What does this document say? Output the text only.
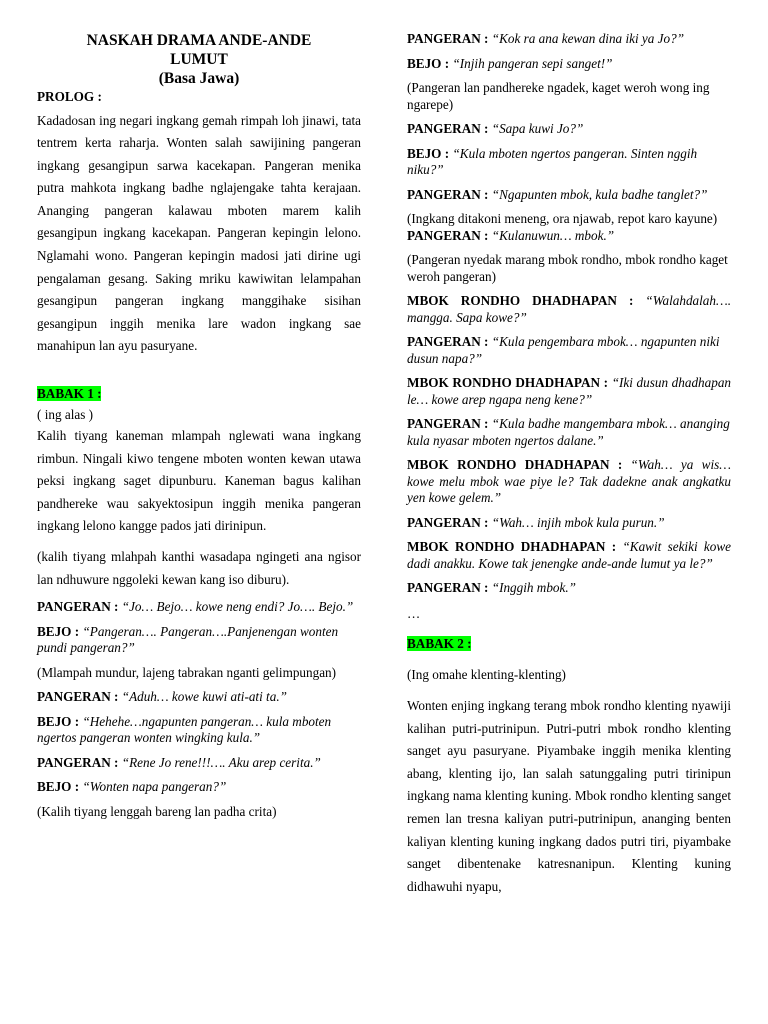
NASKAH DRAMA ANDE-ANDE

LUMUT

(Basa Jawa)

PROLOG :

Kadadosan ing negari ingkang gemah rimpah loh jinawi, tata tentrem kerta raharja. Wonten salah sawijining pangeran ingkang gesangipun sarwa kacekapan. Pangeran menika putra mahkota ingkang badhe nglajengake tahta kerajaan. Ananging pangeran kalawau mboten marem kalih gesangipun ingkang kacekapan. Pangeran kepingin lelono. Nglamahi wono. Pangeran kepingin madosi jati dirine ugi pengalaman gesang. Saking mriku kawiwitan lelampahan gesangipun pangeran ingkang manggihake sisihan gesangipun inggih menika lare wadon ingkang sae manahipun lan ayu pasuryane.

BABAK 1 :

( ing alas )

Kalih tiyang kaneman mlampah nglewati wana ingkang rimbun. Ningali kiwo tengene mboten wonten kewan utawa peksi ingkang saget dipunburu. Kaneman bagus kalihan pandhereke wau sakyektosipun inggih menika pangeran ingkang lelono kangge pados jati dirinipun.

(kalih tiyang mlahpah kanthi wasadapa ngingeti ana ngisor lan ndhuwure nggoleki kewan kang iso diburu).

PANGERAN : “Jo… Bejo… kowe neng endi? Jo…. Bejo.”

BEJO : “Pangeran…. Pangeran….Panjenengan wonten pundi pangeran?”

(Mlampah mundur, lajeng tabrakan nganti gelimpungan)

PANGERAN : “Aduh… kowe kuwi ati-ati ta.”

BEJO : “Hehehe…ngapunten pangeran… kula mboten ngertos pangeran wonten wingking kula.”

PANGERAN : “Rene Jo rene!!!…. Aku arep cerita.”

BEJO : “Wonten napa pangeran?”

(Kalih tiyang lenggah bareng lan padha crita)

PANGERAN : “Kok ra ana kewan dina iki ya Jo?”

BEJO : “Injih pangeran sepi sanget!”

(Pangeran lan pandhereke ngadek, kaget weroh wong ing ngarepe)

PANGERAN : “Sapa kuwi Jo?”

BEJO : “Kula mboten ngertos pangeran. Sinten nggih niku?”

PANGERAN : “Ngapunten mbok, kula badhe tanglet?”

(Ingkang ditakoni meneng, ora njawab, repot karo kayune)

PANGERAN : “Kulanuwun… mbok.”

(Pangeran nyedak marang mbok rondho, mbok rondho kaget weroh pangeran)

MBOK RONDHO DHADHAPAN : “Walahdalah…. mangga. Sapa kowe?”

PANGERAN : “Kula pengembara mbok… ngapunten niki dusun napa?”

MBOK RONDHO DHADHAPAN : “Iki dusun dhadhapan le… kowe arep ngapa neng kene?”

PANGERAN : “Kula badhe mangembara mbok… ananging kula nyasar mboten ngertos dalane.”

MBOK RONDHO DHADHAPAN : “Wah… ya wis… kowe melu mbok wae piye le? Tak dadekne anak angkatku yen kowe gelem.”

PANGERAN : “Wah… injih mbok kula purun.”

MBOK RONDHO DHADHAPAN : “Kawit sekiki kowe dadi anakku. Kowe tak jenengke ande-ande lumut ya le?”

PANGERAN : “Inggih mbok.”

…

BABAK 2 :

(Ing omahe klenting-klenting)

Wonten enjing ingkang terang mbok rondho klenting nyawiji kalihan putri-putrinipun. Putri-putri mbok rondho klenting sanget ayu pasuryane. Piyambake inggih menika klenting abang, klenting ijo, lan salah satunggaling putri tirinipun ingkang nama klenting kuning. Mbok rondho klenting sanget remen lan tresna kaliyan putri-putrinipun, ananging benten kaliyan klenting kuning ingkang dados putri tiri, piyambake sanget dibentenake katresnanipun. Klenting kuning didhawuhi nyapu,
